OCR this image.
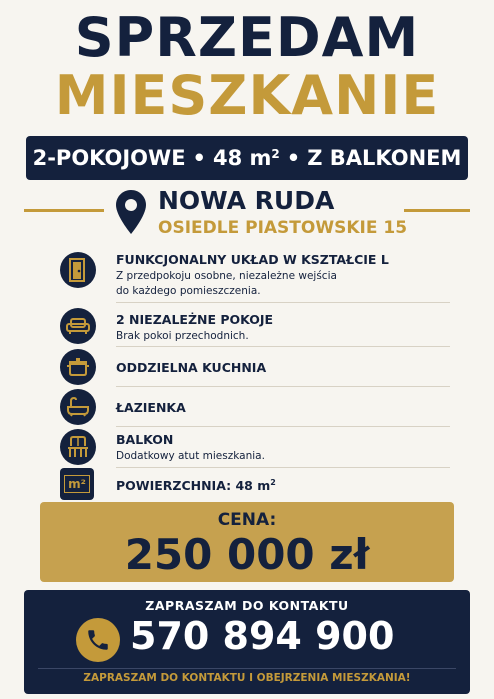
SPRZEDAM
MIESZKANIE
2-POKOJOWE • 48 m 2 • Z BALKONEM
NOWA RUDA
OSIEDLE PIASTOWSKIE 15
FUNKCJONALNY UKŁAD W KSZTAŁCIE L
Z przedpokoju osobne, niezależne wejścia
do każdego pomieszczenia.
2 NIEZALEŻNE POKOJE
Brak pokoi przechodnich.
ODDZIELNA KUCHNIA
ŁAZIENKA
BALKON
Dodatkowy atut mieszkania.
m²	POWIERZCHNIA: 48 $m^2$
CENA:
250 000 zł
ZAPRASZAM DO KONTAKTU
570 894 900
ZAPRASZAM DO KONTAKTU I OBEJRZENIA MIESZKANIA!
